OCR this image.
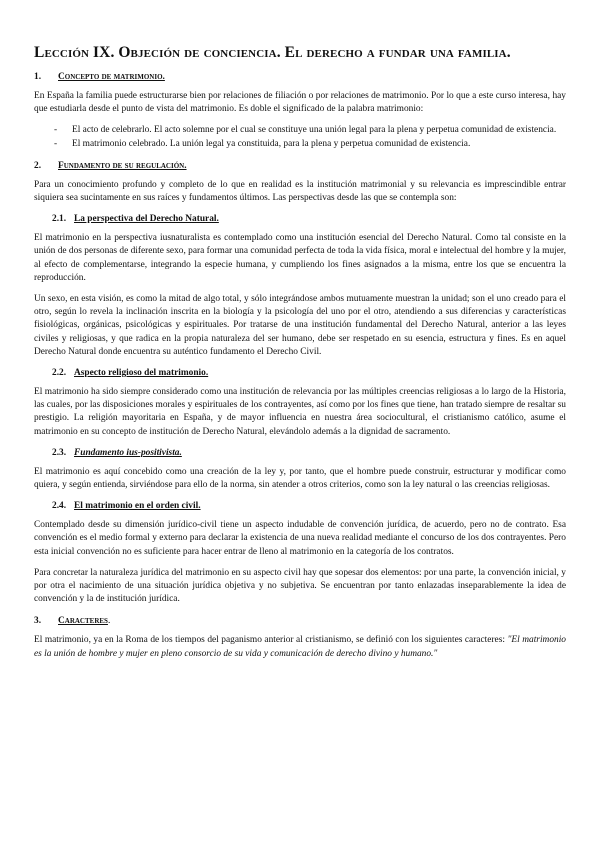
Lección IX. Objeción de conciencia. El derecho a fundar una familia.
1.	Concepto de matrimonio.

En España la familia puede estructurarse bien por relaciones de filiación o por relaciones de matrimonio. Por lo que a este curso interesa, hay que estudiarla desde el punto de vista del matrimonio. Es doble el significado de la palabra matrimonio:

- El acto de celebrarlo. El acto solemne por el cual se constituye una unión legal para la plena y perpetua comunidad de existencia.
- El matrimonio celebrado. La unión legal ya constituida, para la plena y perpetua comunidad de existencia.
2.	Fundamento de su regulación.

Para un conocimiento profundo y completo de lo que en realidad es la institución matrimonial y su relevancia es imprescindible entrar siquiera sea sucintamente en sus raíces y fundamentos últimos. Las perspectivas desde las que se contempla son:

2.1. La perspectiva del Derecho Natural.

El matrimonio en la perspectiva iusnaturalista es contemplado como una institución esencial del Derecho Natural. Como tal consiste en la unión de dos personas de diferente sexo, para formar una comunidad perfecta de toda la vida física, moral e intelectual del hombre y la mujer, al efecto de complementarse, integrando la especie humana, y cumpliendo los fines asignados a la misma, entre los que se encuentra la reproducción.

Un sexo, en esta visión, es como la mitad de algo total, y sólo integrándose ambos mutuamente muestran la unidad; son el uno creado para el otro, según lo revela la inclinación inscrita en la biología y la psicología del uno por el otro, atendiendo a sus diferencias y características fisiológicas, orgánicas, psicológicas y espirituales. Por tratarse de una institución fundamental del Derecho Natural, anterior a las leyes civiles y religiosas, y que radica en la propia naturaleza del ser humano, debe ser respetado en su esencia, estructura y fines. Es en aquel Derecho Natural donde encuentra su auténtico fundamento el Derecho Civil.

2.2. Aspecto religioso del matrimonio.

El matrimonio ha sido siempre considerado como una institución de relevancia por las múltiples creencias religiosas a lo largo de la Historia, las cuales, por las disposiciones morales y espirituales de los contrayentes, así como por los fines que tiene, han tratado siempre de resaltar su prestigio. La religión mayoritaria en España, y de mayor influencia en nuestra área sociocultural, el cristianismo católico, asume el matrimonio en su concepto de institución de Derecho Natural, elevándolo además a la dignidad de sacramento.

2.3. Fundamento ius-positivista.

El matrimonio es aquí concebido como una creación de la ley y, por tanto, que el hombre puede construir, estructurar y modificar como quiera, y según entienda, sirviéndose para ello de la norma, sin atender a otros criterios, como son la ley natural o las creencias religiosas.

2.4. El matrimonio en el orden civil.

Contemplado desde su dimensión jurídico-civil tiene un aspecto indudable de convención jurídica, de acuerdo, pero no de contrato. Esa convención es el medio formal y externo para declarar la existencia de una nueva realidad mediante el concurso de los dos contrayentes. Pero esta inicial convención no es suficiente para hacer entrar de lleno al matrimonio en la categoría de los contratos.

Para concretar la naturaleza jurídica del matrimonio en su aspecto civil hay que sopesar dos elementos: por una parte, la convención inicial, y por otra el nacimiento de una situación jurídica objetiva y no subjetiva. Se encuentran por tanto enlazadas inseparablemente la idea de convención y la de institución jurídica.

3.	Caracteres.

El matrimonio, ya en la Roma de los tiempos del paganismo anterior al cristianismo, se definió con los siguientes caracteres: "El matrimonio es la unión de hombre y mujer en pleno consorcio de su vida y comunicación de derecho divino y humano."
